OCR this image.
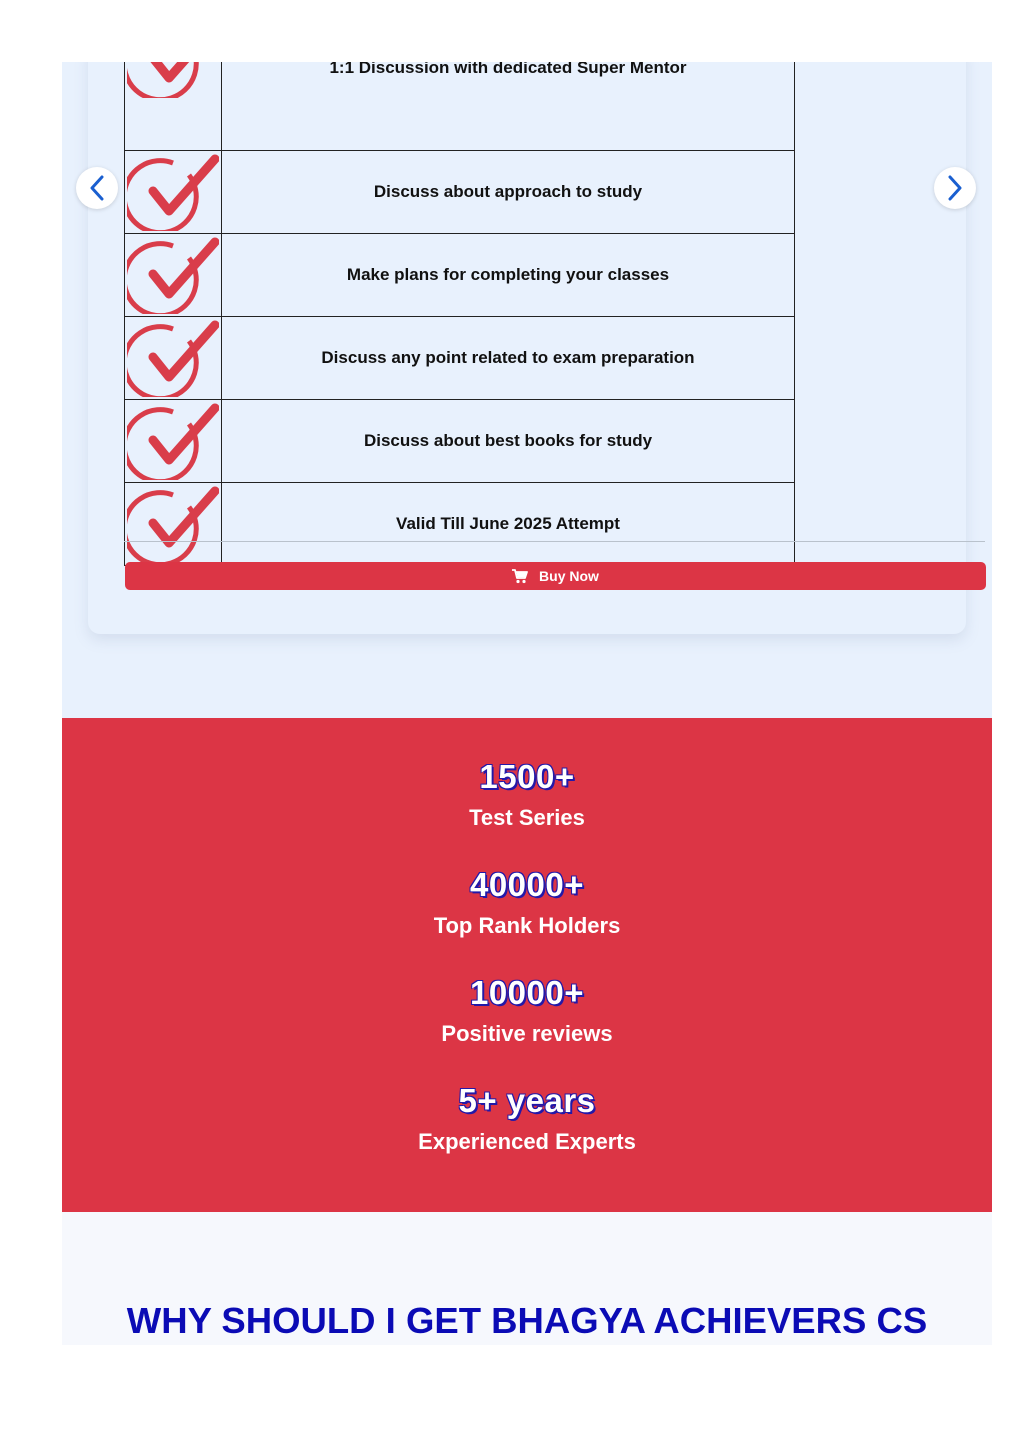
	1:1 Discussion with dedicated Super Mentor

	Discuss about approach to study

	Make plans for completing your classes

	Discuss any point related to exam preparation

	Discuss about best books for study

	Valid Till June 2025 Attempt
Buy Now
1500+
Test Series
40000+
Top Rank Holders
10000+
Positive reviews
5+ years
Experienced Experts
WHY SHOULD I GET BHAGYA ACHIEVERS CS
